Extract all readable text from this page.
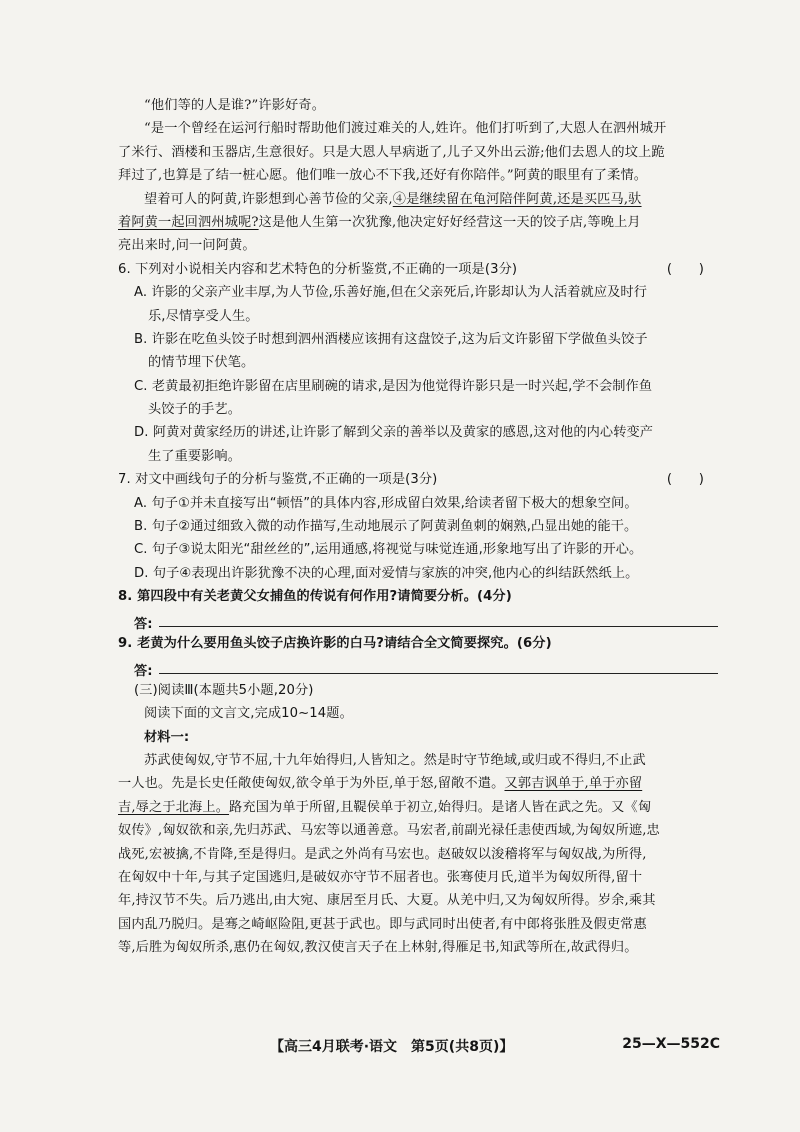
“他们等的人是谁?”许影好奇。
“是一个曾经在运河行船时帮助他们渡过难关的人,姓许。他们打听到了,大恩人在泗州城开
了米行、酒楼和玉器店,生意很好。只是大恩人早病逝了,儿子又外出云游;他们去恩人的坟上跪
拜过了,也算是了结一桩心愿。他们唯一放心不下我,还好有你陪伴。”阿黄的眼里有了柔情。
望着可人的阿黄,许影想到心善节俭的父亲,④是继续留在龟河陪伴阿黄,还是买匹马,驮
着阿黄一起回泗州城呢?这是他人生第一次犹豫,他决定好好经营这一天的饺子店,等晚上月
亮出来时,问一问阿黄。
6. 下列对小说相关内容和艺术特色的分析鉴赏,不正确的一项是(3分)	(　　)
A. 许影的父亲产业丰厚,为人节俭,乐善好施,但在父亲死后,许影却认为人活着就应及时行
乐,尽情享受人生。
B. 许影在吃鱼头饺子时想到泗州酒楼应该拥有这盘饺子,这为后文许影留下学做鱼头饺子
的情节埋下伏笔。
C. 老黄最初拒绝许影留在店里刷碗的请求,是因为他觉得许影只是一时兴起,学不会制作鱼
头饺子的手艺。
D. 阿黄对黄家经历的讲述,让许影了解到父亲的善举以及黄家的感恩,这对他的内心转变产
生了重要影响。
7. 对文中画线句子的分析与鉴赏,不正确的一项是(3分)	(　　)
A. 句子①并未直接写出“顿悟”的具体内容,形成留白效果,给读者留下极大的想象空间。
B. 句子②通过细致入微的动作描写,生动地展示了阿黄剥鱼刺的娴熟,凸显出她的能干。
C. 句子③说太阳光“甜丝丝的”,运用通感,将视觉与味觉连通,形象地写出了许影的开心。
D. 句子④表现出许影犹豫不决的心理,面对爱情与家族的冲突,他内心的纠结跃然纸上。
8. 第四段中有关老黄父女捕鱼的传说有何作用?请简要分析。(4分)
答:
9. 老黄为什么要用鱼头饺子店换许影的白马?请结合全文简要探究。(6分)
答:
(三)阅读Ⅲ(本题共5小题,20分)
阅读下面的文言文,完成10~14题。
材料一:
苏武使匈奴,守节不屈,十九年始得归,人皆知之。然是时守节绝域,或归或不得归,不止武
一人也。先是长史任敞使匈奴,欲令单于为外臣,单于怒,留敞不遣。又郭吉讽单于,单于亦留
吉,辱之于北海上。路充国为单于所留,且鞮侯单于初立,始得归。是诸人皆在武之先。又《匈
奴传》,匈奴欲和亲,先归苏武、马宏等以通善意。马宏者,前副光禄任恚使西域,为匈奴所遮,忠
战死,宏被擒,不肯降,至是得归。是武之外尚有马宏也。赵破奴以浚稽将军与匈奴战,为所得,
在匈奴中十年,与其子定国逃归,是破奴亦守节不屈者也。张骞使月氏,道半为匈奴所得,留十
年,持汉节不失。后乃逃出,由大宛、康居至月氏、大夏。从羌中归,又为匈奴所得。岁余,乘其
国内乱乃脱归。是骞之崎岖险阻,更甚于武也。即与武同时出使者,有中郎将张胜及假吏常惠
等,后胜为匈奴所杀,惠仍在匈奴,教汉使言天子在上林射,得雁足书,知武等所在,故武得归。
【高三4月联考·语文　第5页(共8页)】	25—X—552C
